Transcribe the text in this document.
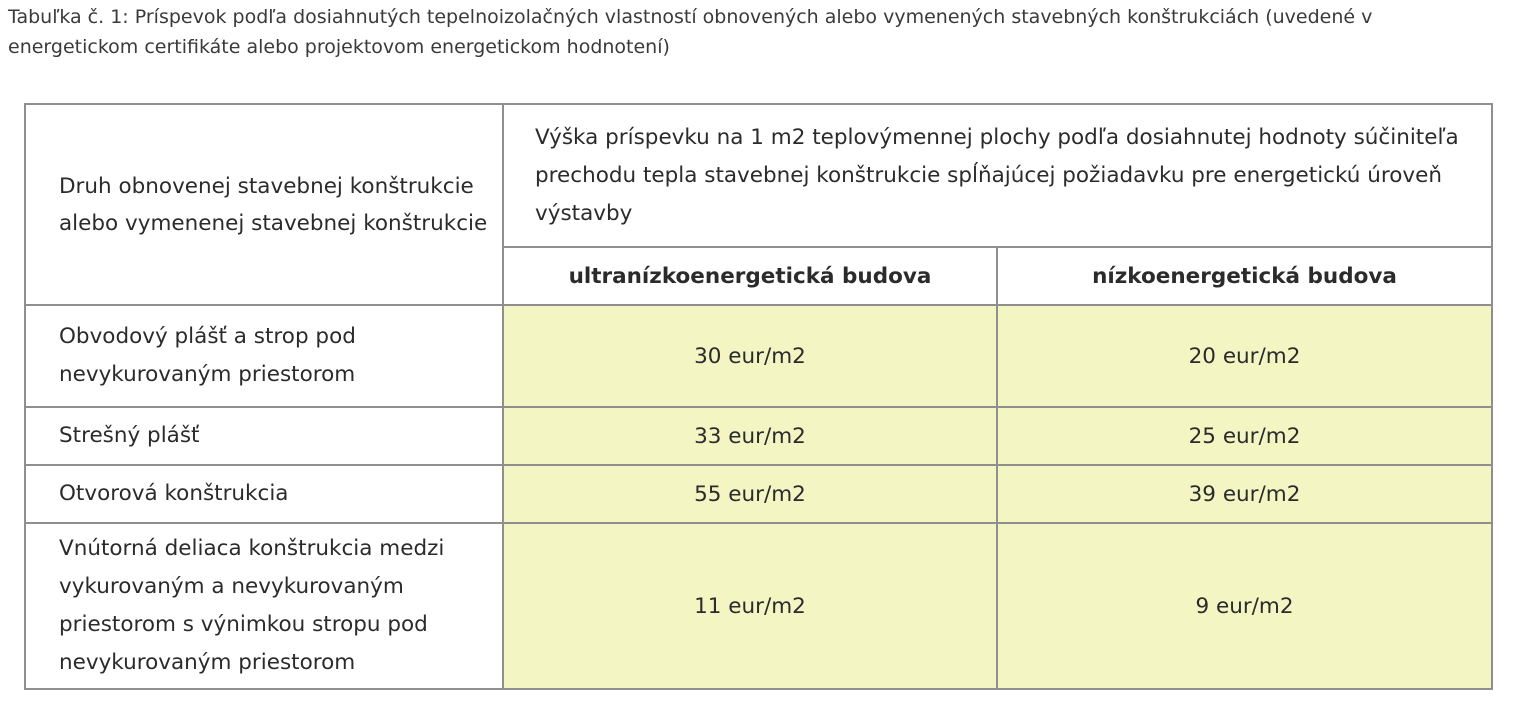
Tabuľka č. 1: Príspevok podľa dosiahnutých tepelnoizolačných vlastností obnovených alebo vymenených stavebných konštrukciách (uvedené v
energetickom certifikáte alebo projektovom energetickom hodnotení)
Druh obnovenej stavebnej konštrukcie alebo vymenenej stavebnej konštrukcie	Výška príspevku na 1 m2 teplovýmennej plochy podľa dosiahnutej hodnoty súčiniteľa prechodu tepla stavebnej konštrukcie spĺňajúcej požiadavku pre energetickú úroveň výstavby	
	ultranízkoenergetická budova	nízkoenergetická budova
Obvodový plášť a strop pod nevykurovaným priestorom	30 eur/m2	20 eur/m2
Strešný plášť	33 eur/m2	25 eur/m2
Otvorová konštrukcia	55 eur/m2	39 eur/m2
Vnútorná deliaca konštrukcia medzi vykurovaným a nevykurovaným priestorom s výnimkou stropu pod nevykurovaným priestorom	11 eur/m2	9 eur/m2
